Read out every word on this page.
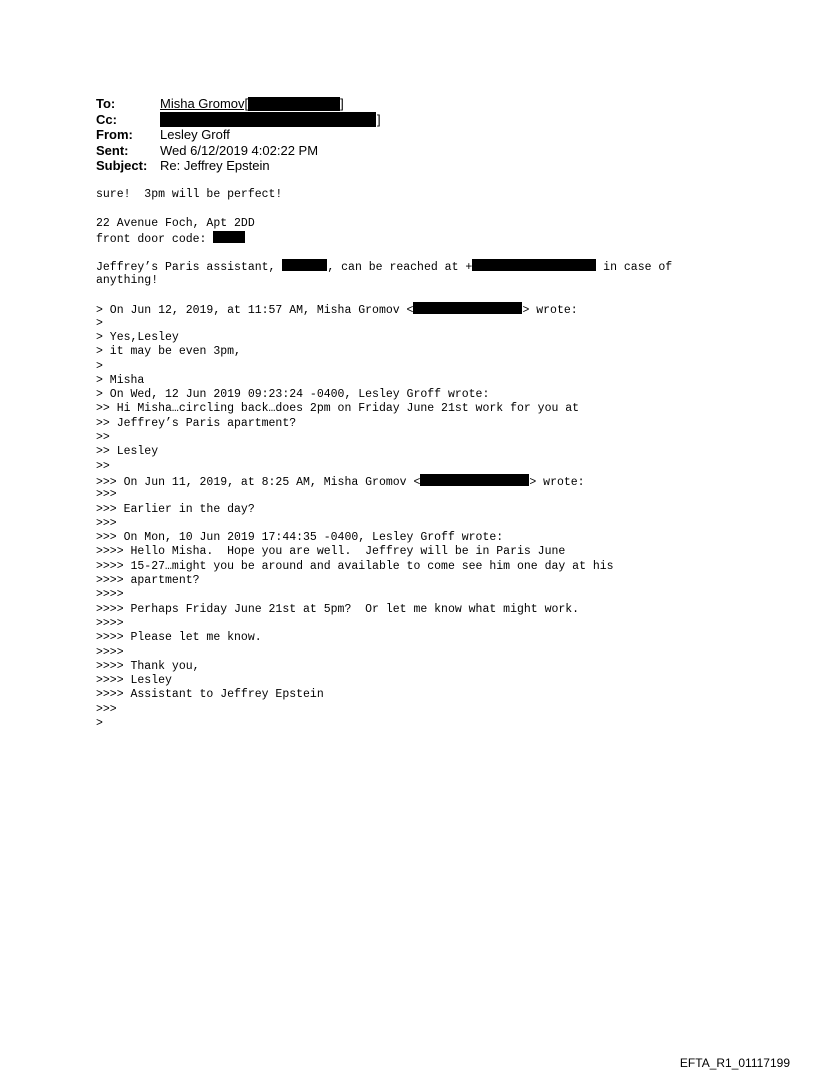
To:	Misha Gromov[	]
Cc:	]
From:	Lesley Groff
Sent:	Wed 6/12/2019 4:02:22 PM
Subject: Re: Jeffrey Epstein
sure!  3pm will be perfect!
22 Avenue Foch, Apt 2DD
front door code:
Jeffrey’s Paris assistant,	, can be reached at +	in case of
anything!
> On Jun 12, 2019, at 11:57 AM, Misha Gromov <	> wrote:
>
> Yes,Lesley
> it may be even 3pm,
>
> Misha
> On Wed, 12 Jun 2019 09:23:24 -0400, Lesley Groff wrote:
>> Hi Misha…circling back…does 2pm on Friday June 21st work for you at
>> Jeffrey’s Paris apartment?
>>
>> Lesley
>>
>>> On Jun 11, 2019, at 8:25 AM, Misha Gromov <	> wrote:
>>>
>>> Earlier in the day?
>>>
>>> On Mon, 10 Jun 2019 17:44:35 -0400, Lesley Groff wrote:
>>>> Hello Misha.  Hope you are well.  Jeffrey will be in Paris June
>>>> 15-27…might you be around and available to come see him one day at his
>>>> apartment?
>>>>
>>>> Perhaps Friday June 21st at 5pm?  Or let me know what might work.
>>>>
>>>> Please let me know.
>>>>
>>>> Thank you,
>>>> Lesley
>>>> Assistant to Jeffrey Epstein
>>>
>
EFTA_R1_01117199
